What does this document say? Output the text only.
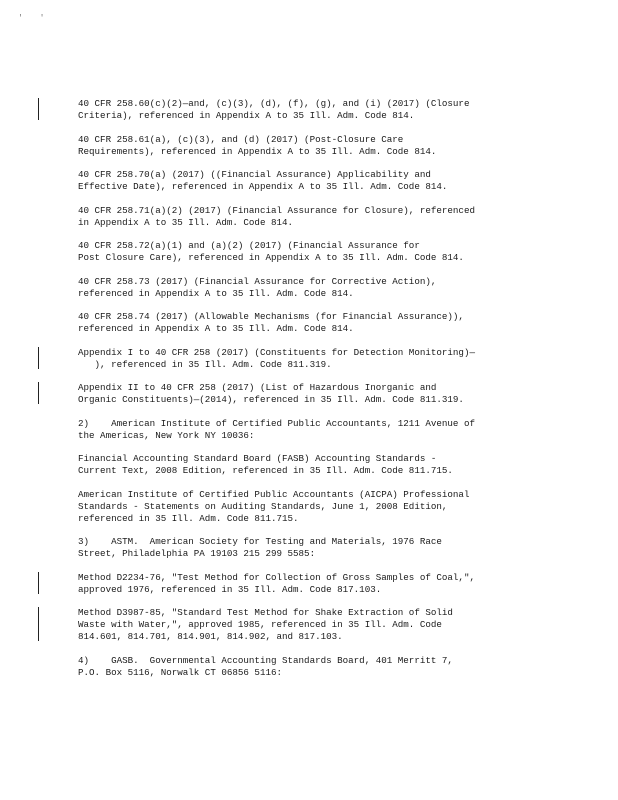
' '
40 CFR 258.60(c)(2)—and, (c)(3), (d), (f), (g), and (i) (2017) (Closure
Criteria), referenced in Appendix A to 35 Ill. Adm. Code 814.
40 CFR 258.61(a), (c)(3), and (d) (2017) (Post-Closure Care
Requirements), referenced in Appendix A to 35 Ill. Adm. Code 814.
40 CFR 258.70(a) (2017) ((Financial Assurance) Applicability and
Effective Date), referenced in Appendix A to 35 Ill. Adm. Code 814.
40 CFR 258.71(a)(2) (2017) (Financial Assurance for Closure), referenced
in Appendix A to 35 Ill. Adm. Code 814.
40 CFR 258.72(a)(1) and (a)(2) (2017) (Financial Assurance for
Post Closure Care), referenced in Appendix A to 35 Ill. Adm. Code 814.
40 CFR 258.73 (2017) (Financial Assurance for Corrective Action),
referenced in Appendix A to 35 Ill. Adm. Code 814.
40 CFR 258.74 (2017) (Allowable Mechanisms (for Financial Assurance)),
referenced in Appendix A to 35 Ill. Adm. Code 814.
Appendix I to 40 CFR 258 (2017) (Constituents for Detection Monitoring)—
), referenced in 35 Ill. Adm. Code 811.319.
Appendix II to 40 CFR 258 (2017) (List of Hazardous Inorganic and
Organic Constituents)—(2014), referenced in 35 Ill. Adm. Code 811.319.
2)    American Institute of Certified Public Accountants, 1211 Avenue of
the Americas, New York NY 10036:
Financial Accounting Standard Board (FASB) Accounting Standards -
Current Text, 2008 Edition, referenced in 35 Ill. Adm. Code 811.715.
American Institute of Certified Public Accountants (AICPA) Professional
Standards - Statements on Auditing Standards, June 1, 2008 Edition,
referenced in 35 Ill. Adm. Code 811.715.
3)    ASTM.  American Society for Testing and Materials, 1976 Race
Street, Philadelphia PA 19103 215 299 5585:
Method D2234-76, "Test Method for Collection of Gross Samples of Coal,",
approved 1976, referenced in 35 Ill. Adm. Code 817.103.
Method D3987-85, "Standard Test Method for Shake Extraction of Solid
Waste with Water,", approved 1985, referenced in 35 Ill. Adm. Code
814.601, 814.701, 814.901, 814.902, and 817.103.
4)    GASB.  Governmental Accounting Standards Board, 401 Merritt 7,
P.O. Box 5116, Norwalk CT 06856 5116:
